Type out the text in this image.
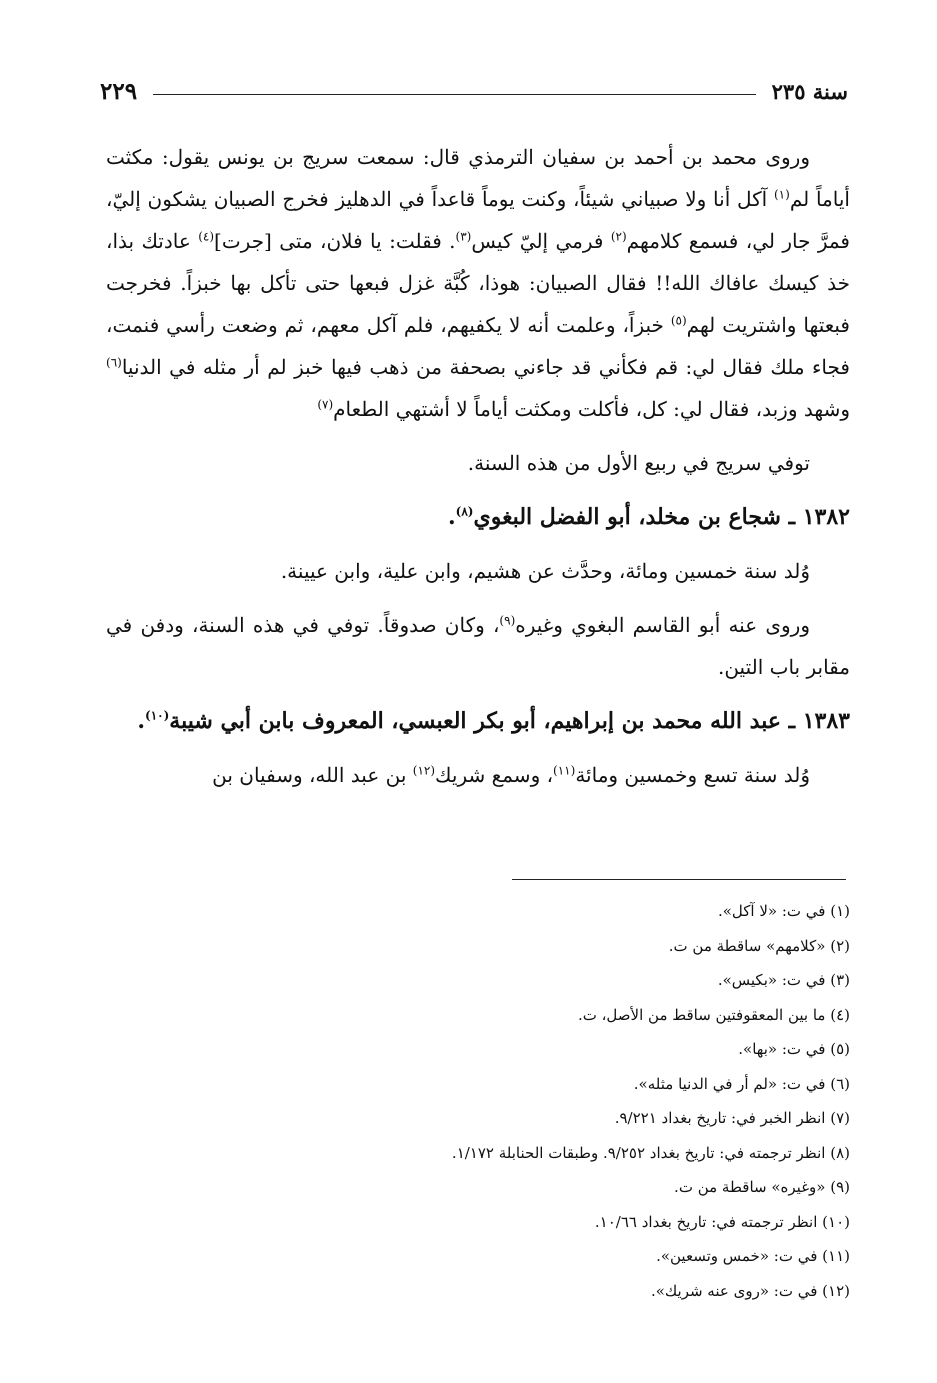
سنة ٢٣٥
٢٢٩

وروى محمد بن أحمد بن سفيان الترمذي قال: سمعت سريج بن يونس يقول: مكثت أياماً لم$^{(١)}$ آكل أنا ولا صبياني شيئاً، وكنت يوماً قاعداً في الدهليز فخرج الصبيان يشكون إليّ، فمرَّ جار لي، فسمع كلامهم$^{(٢)}$ فرمي إليّ كيس$^{(٣)}$. فقلت: يا فلان، متى [جرت]$^{(٤)}$ عادتك بذا، خذ كيسك عافاك الله!! فقال الصبيان: هوذا، كُبَّة غزل فبعها حتى تأكل بها خبزاً. فخرجت فبعتها واشتريت لهم$^{(٥)}$ خبزاً، وعلمت أنه لا يكفيهم، فلم آكل معهم، ثم وضعت رأسي فنمت، فجاء ملك فقال لي: قم فكأني قد جاءني بصحفة من ذهب فيها خبز لم أر مثله في الدنيا$^{(٦)}$ وشهد وزبد، فقال لي: كل، فأكلت ومكثت أياماً لا أشتهي الطعام$^{(٧)}$

توفي سريج في ربيع الأول من هذه السنة.

١٣٨٢ ـ شجاع بن مخلد، أبو الفضل البغوي$^{(٨)}$.

وُلد سنة خمسين ومائة، وحدَّث عن هشيم، وابن علية، وابن عيينة.

وروى عنه أبو القاسم البغوي وغيره$^{(٩)}$، وكان صدوقاً. توفي في هذه السنة، ودفن في مقابر باب التين.

١٣٨٣ ـ عبد الله محمد بن إبراهيم، أبو بكر العبسي، المعروف بابن أبي شيبة$^{(١٠)}$.

وُلد سنة تسع وخمسين ومائة$^{(١١)}$، وسمع شريك$^{(١٢)}$ بن عبد الله، وسفيان بن

(١) في ت: «لا آكل».
(٢) «كلامهم» ساقطة من ت.
(٣) في ت: «بكيس».
(٤) ما بين المعقوفتين ساقط من الأصل، ت.
(٥) في ت: «بها».
(٦) في ت: «لم أر في الدنيا مثله».
(٧) انظر الخبر في: تاريخ بغداد ٩/٢٢١.
(٨) انظر ترجمته في: تاريخ بغداد ٩/٢٥٢. وطبقات الحنابلة ١/١٧٢.
(٩) «وغيره» ساقطة من ت.
(١٠) انظر ترجمته في: تاريخ بغداد ١٠/٦٦.
(١١) في ت: «خمس وتسعين».
(١٢) في ت: «روى عنه شريك».
